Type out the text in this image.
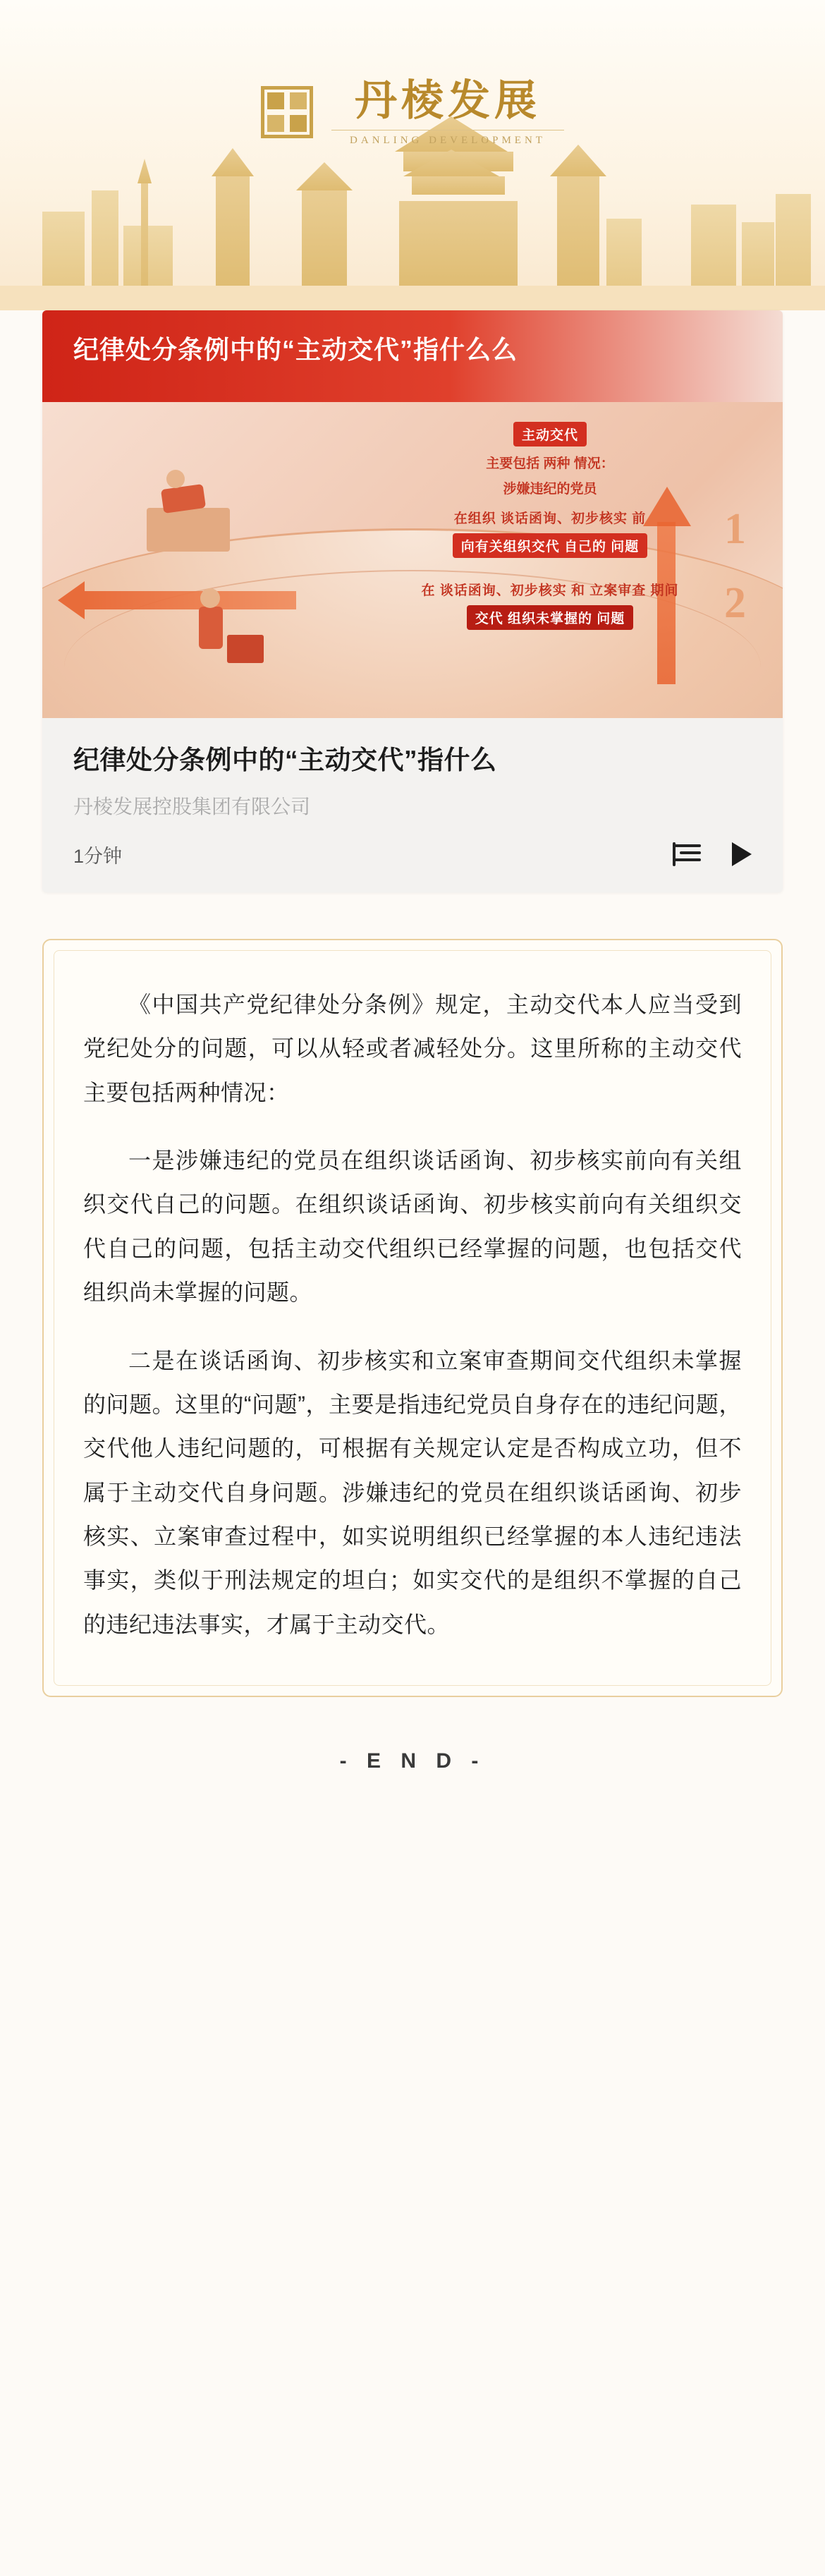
丹棱发展
DANLING DEVELOPMENT
纪律处分条例中的“主动交代”指什么么
主动交代
主要包括 两种 情况：
涉嫌违纪的党员
在组织 谈话函询、初步核实 前
向有关组织交代 自己的 问题	1
在 谈话函询、初步核实 和 立案审查 期间
交代 组织未掌握的 问题	2
纪律处分条例中的“主动交代”指什么
丹棱发展控股集团有限公司
1分钟

《中国共产党纪律处分条例》规定，主动交代本人应当受到党纪处分的问题，可以从轻或者减轻处分。这里所称的主动交代主要包括两种情况：

一是涉嫌违纪的党员在组织谈话函询、初步核实前向有关组织交代自己的问题。在组织谈话函询、初步核实前向有关组织交代自己的问题，包括主动交代组织已经掌握的问题，也包括交代组织尚未掌握的问题。

二是在谈话函询、初步核实和立案审查期间交代组织未掌握的问题。这里的“问题”，主要是指违纪党员自身存在的违纪问题，交代他人违纪问题的，可根据有关规定认定是否构成立功，但不属于主动交代自身问题。涉嫌违纪的党员在组织谈话函询、初步核实、立案审查过程中，如实说明组织已经掌握的本人违纪违法事实，类似于刑法规定的坦白；如实交代的是组织不掌握的自己的违纪违法事实，才属于主动交代。

- E N D -
